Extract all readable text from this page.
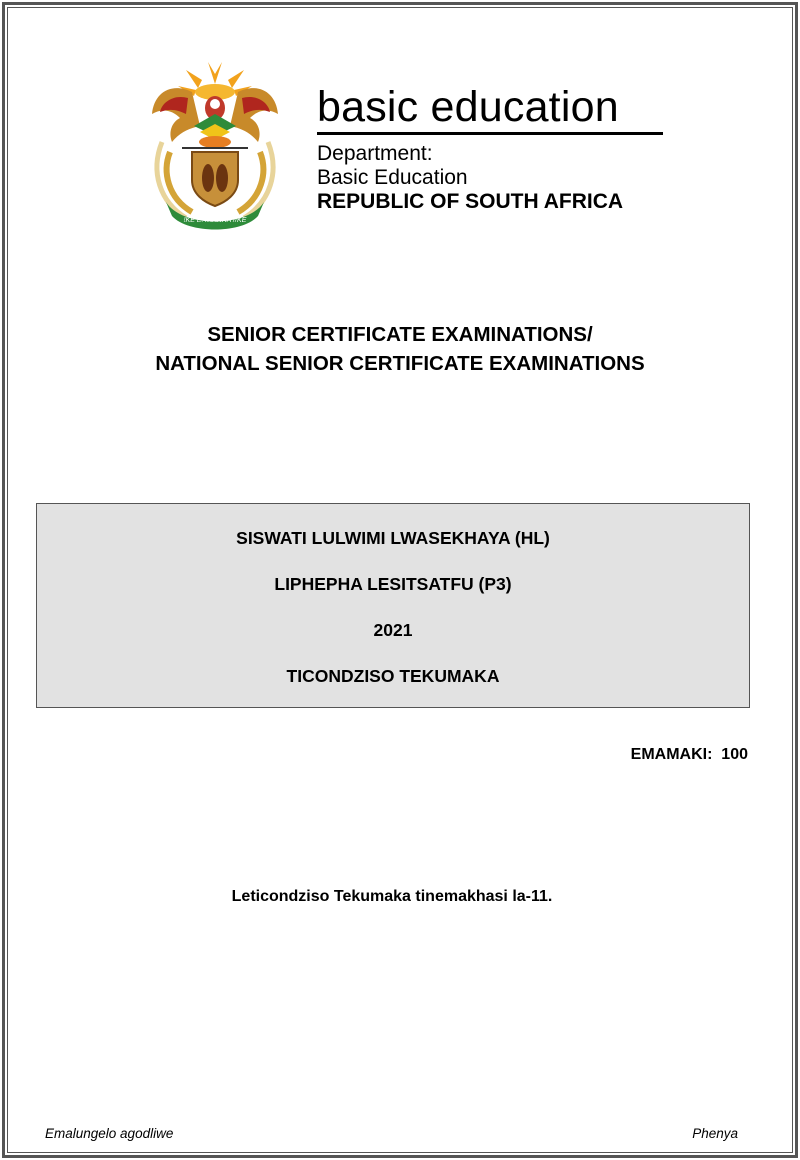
!KE E: /XARRA //KE
basic education
Department:
Basic Education
REPUBLIC OF SOUTH AFRICA
SENIOR CERTIFICATE EXAMINATIONS/
NATIONAL SENIOR CERTIFICATE EXAMINATIONS
SISWATI LULWIMI LWASEKHAYA (HL)
LIPHEPHA LESITSATFU (P3)
2021
TICONDZISO TEKUMAKA
EMAMAKI:  100
Leticondziso Tekumaka tinemakhasi la-11.
Emalungelo agodliwe	Phenya
